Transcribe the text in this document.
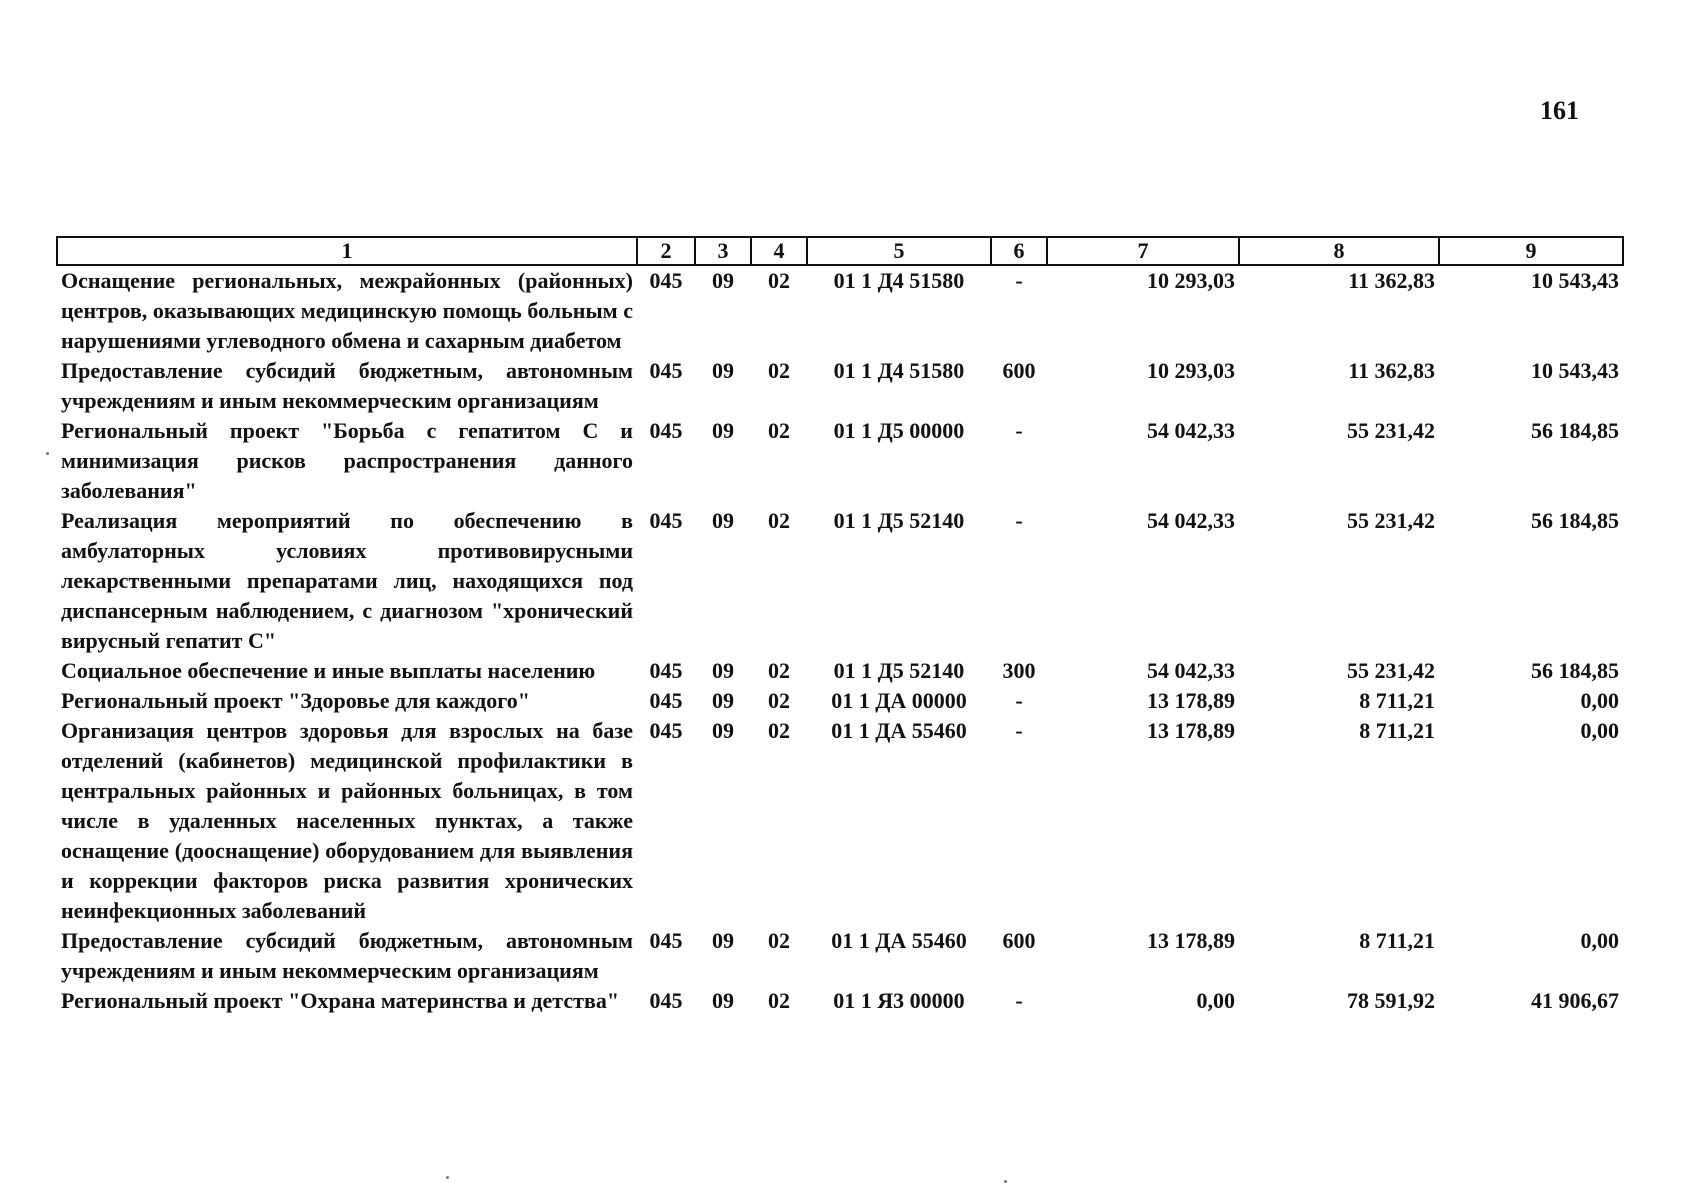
161
1	2	3	4	5	6	7	8	9
Оснащение региональных, межрайонных (районных) центров, оказывающих медицинскую помощь больным с нарушениями углеводного обмена и сахарным диабетом	045	09	02	01 1 Д4 51580	-	10 293,03	11 362,83	10 543,43
Предоставление субсидий бюджетным, автономным учреждениям и иным некоммерческим организациям	045	09	02	01 1 Д4 51580	600	10 293,03	11 362,83	10 543,43
Региональный проект "Борьба с гепатитом С и минимизация рисков распространения данного заболевания"	045	09	02	01 1 Д5 00000	-	54 042,33	55 231,42	56 184,85
Реализация мероприятий по обеспечению в амбулаторных условиях противовирусными лекарственными препаратами лиц, находящихся под диспансерным наблюдением, с диагнозом "хронический вирусный гепатит С"	045	09	02	01 1 Д5 52140	-	54 042,33	55 231,42	56 184,85
Социальное обеспечение и иные выплаты населению	045	09	02	01 1 Д5 52140	300	54 042,33	55 231,42	56 184,85
Региональный проект "Здоровье для каждого"	045	09	02	01 1 ДА 00000	-	13 178,89	8 711,21	0,00
Организация центров здоровья для взрослых на базе отделений (кабинетов) медицинской профилактики в центральных районных и районных больницах, в том числе в удаленных населенных пунктах, а также оснащение (дооснащение) оборудованием для выявления и коррекции факторов риска развития хронических неинфекционных заболеваний	045	09	02	01 1 ДА 55460	-	13 178,89	8 711,21	0,00
Предоставление субсидий бюджетным, автономным учреждениям и иным некоммерческим организациям	045	09	02	01 1 ДА 55460	600	13 178,89	8 711,21	0,00
Региональный проект "Охрана материнства и детства"	045	09	02	01 1 Я3 00000	-	0,00	78 591,92	41 906,67
